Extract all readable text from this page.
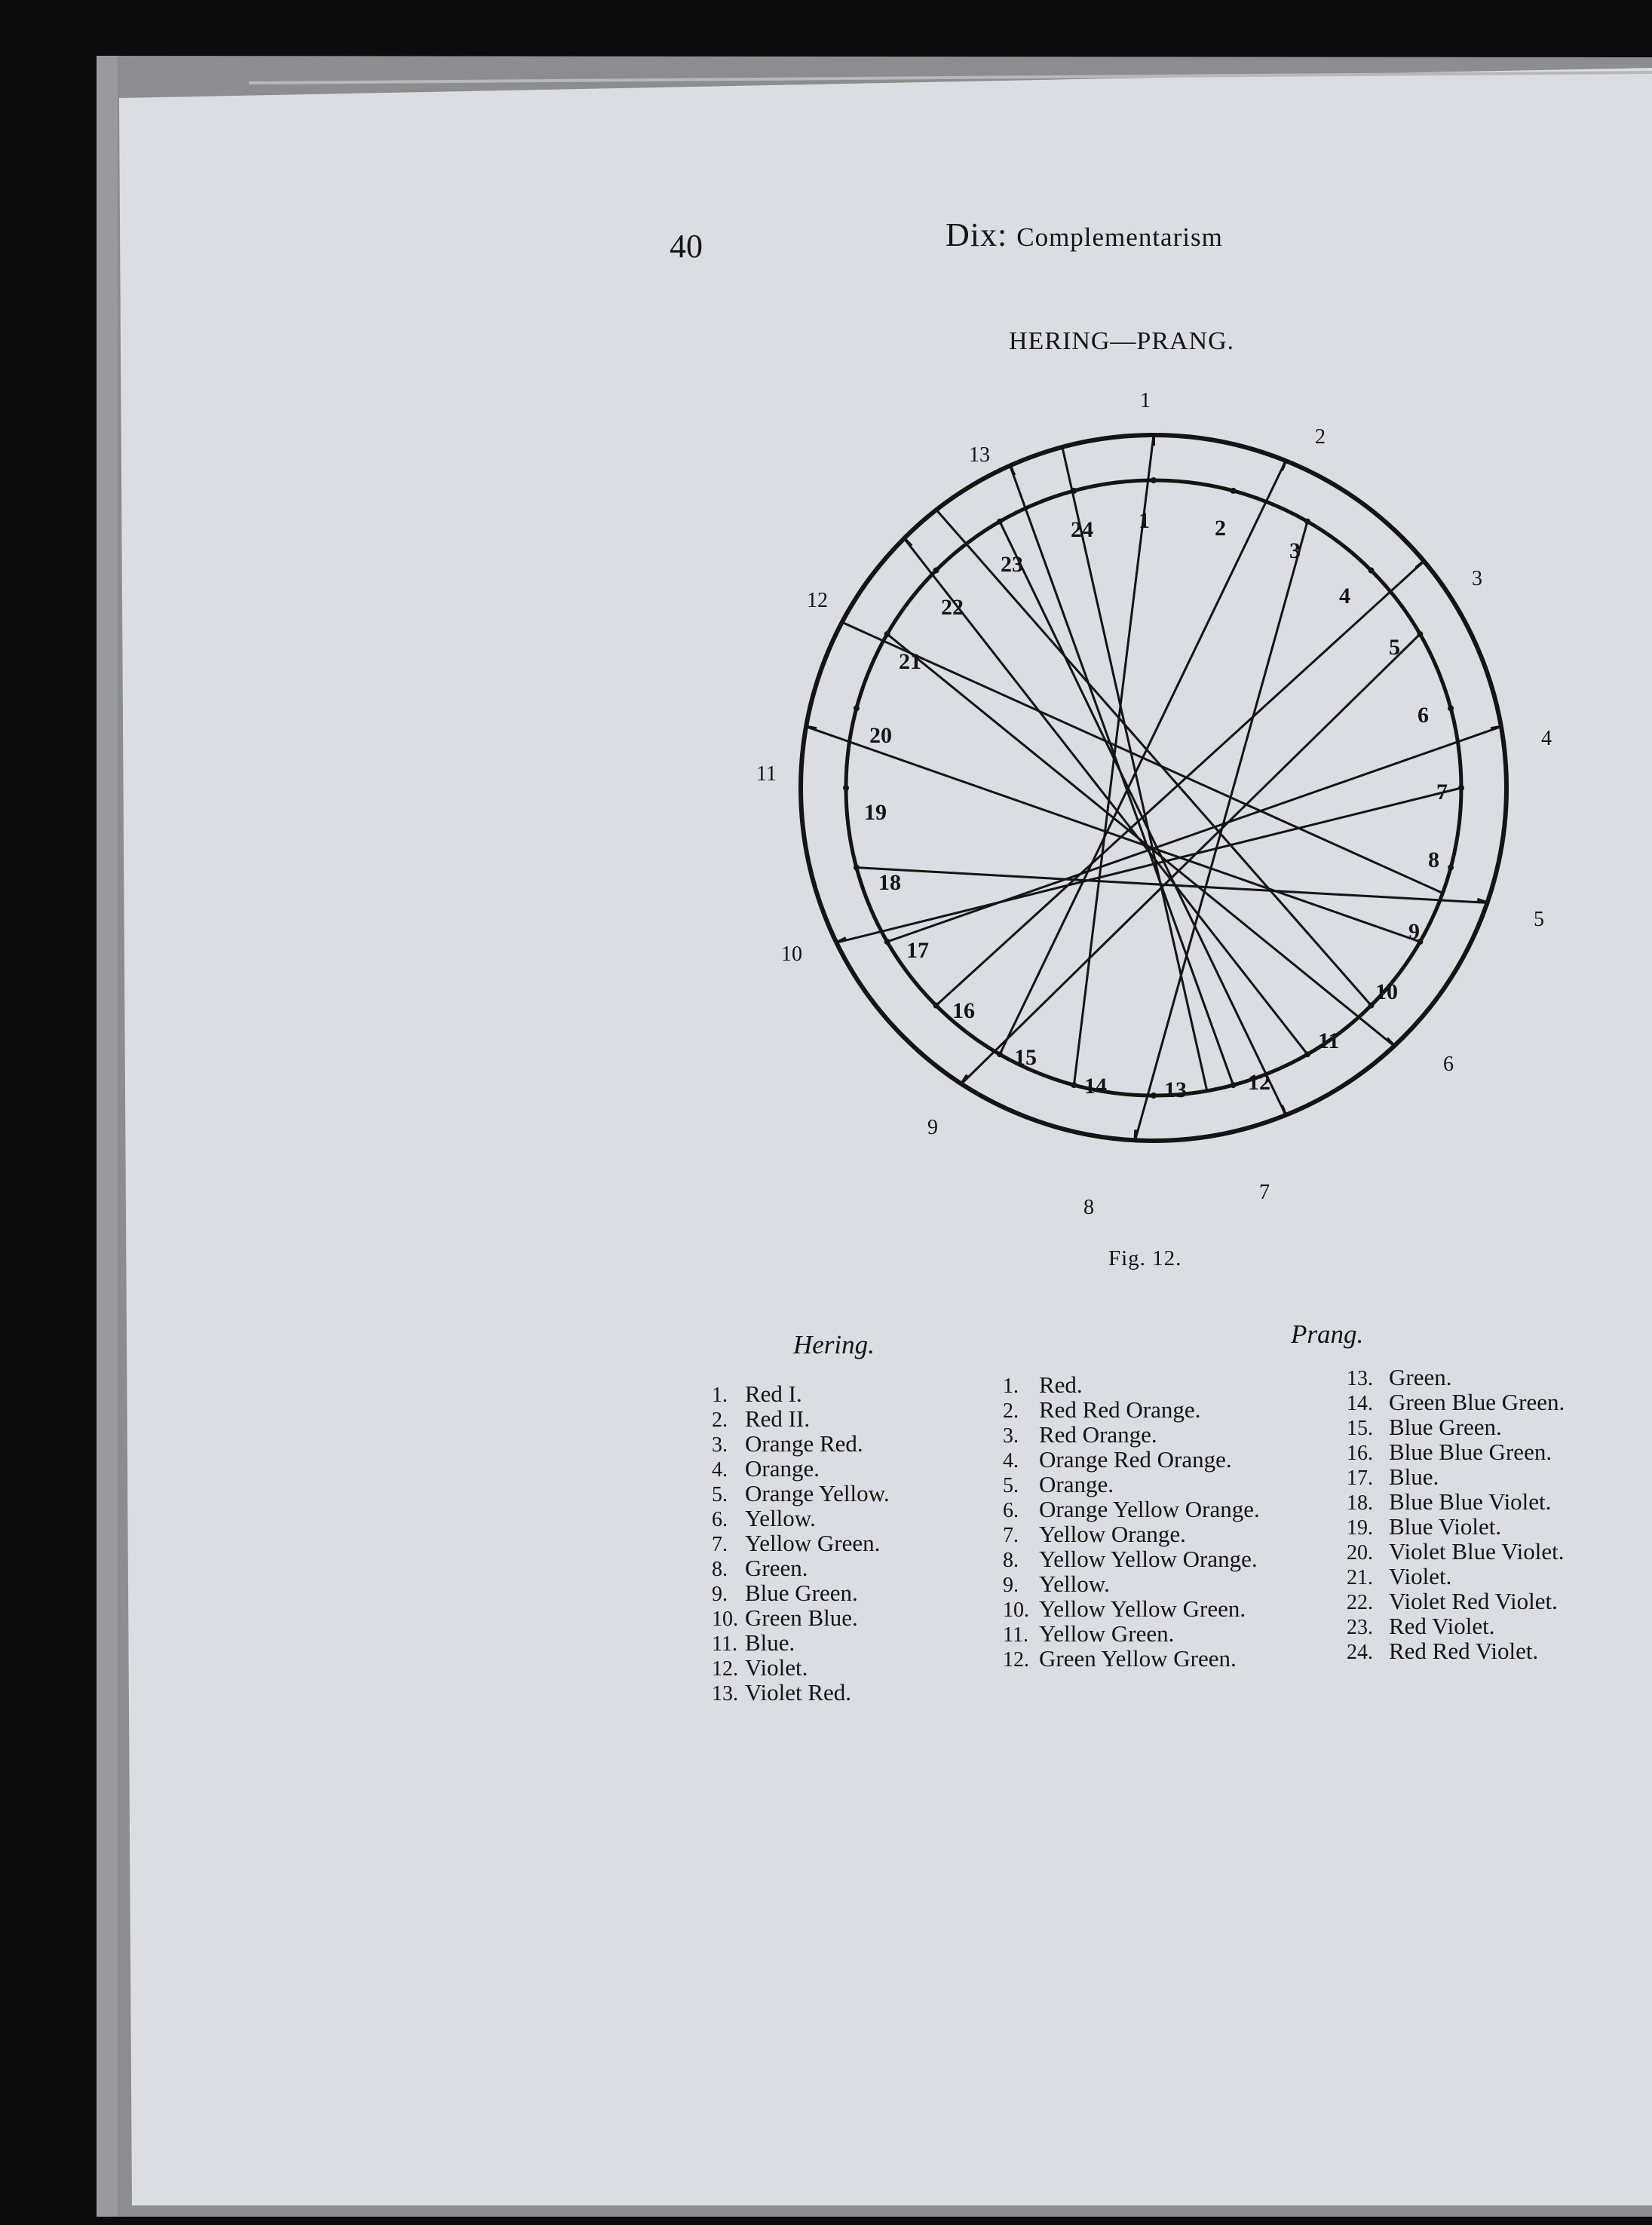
40	Dix: Complementarism
HERING—PRANG.
1
2
3
4
5
6
7
8
9
10
11
12
13
1	2
3
4
5
6
7
8
9
10
11
12
13
14
15
16
17
18
19
20
21
22
23
24
Fig. 12.
Hering.	Prang.
1. Red I.
2. Red II.
3. Orange Red.
4. Orange.
5. Orange Yellow.
6. Yellow.
7. Yellow Green.
8. Green.
9. Blue Green.
10. Green Blue.
11. Blue.
12. Violet.
13. Violet Red.
1. Red.
2. Red Red Orange.
3. Red Orange.
4. Orange Red Orange.
5. Orange.
6. Orange Yellow Orange.
7. Yellow Orange.
8. Yellow Yellow Orange.
9. Yellow.
10. Yellow Yellow Green.
11. Yellow Green.
12. Green Yellow Green.
13. Green.
14. Green Blue Green.
15. Blue Green.
16. Blue Blue Green.
17. Blue.
18. Blue Blue Violet.
19. Blue Violet.
20. Violet Blue Violet.
21. Violet.
22. Violet Red Violet.
23. Red Violet.
24. Red Red Violet.
